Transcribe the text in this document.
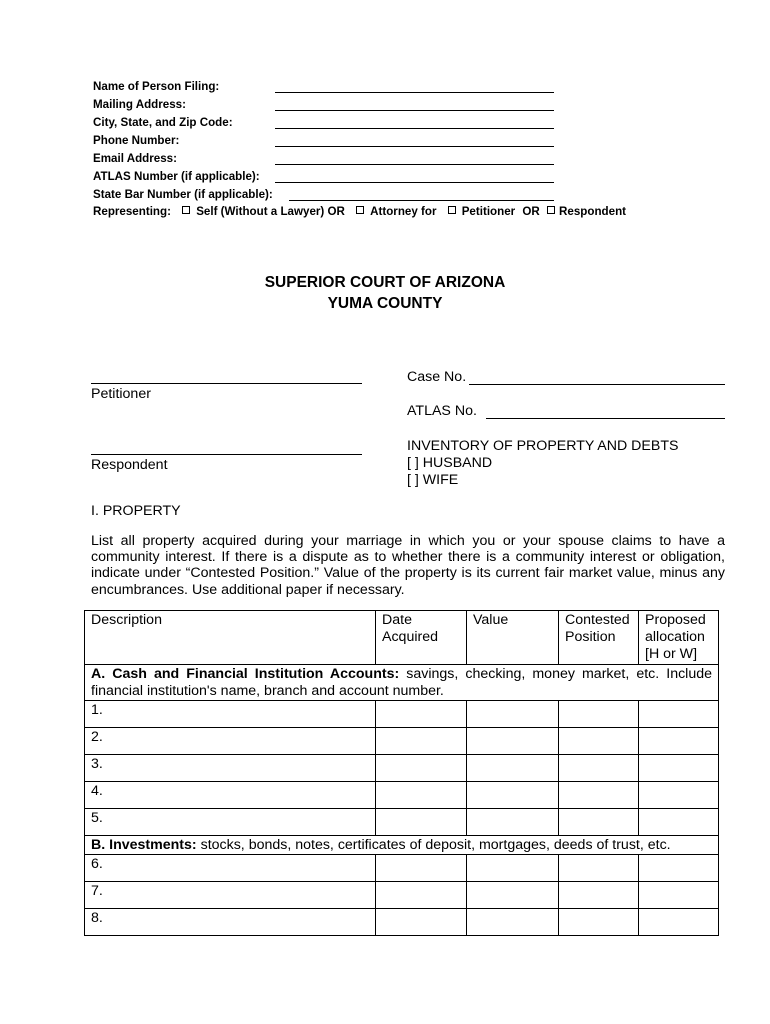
Name of Person Filing:
Mailing Address:
City, State, and Zip Code:
Phone Number:
Email Address:
ATLAS Number (if applicable):
State Bar Number (if applicable):
Representing: Self (Without a Lawyer) OR Attorney for Petitioner OR Respondent
SUPERIOR COURT OF ARIZONA
YUMA COUNTY
Petitioner
Respondent
Case No.
ATLAS No.
INVENTORY OF PROPERTY AND DEBTS
[ ] HUSBAND
[ ] WIFE
I. PROPERTY
List all property acquired during your marriage in which you or your spouse claims to have a community interest. If there is a dispute as to whether there is a community interest or obligation, indicate under “Contested Position.” Value of the property is its current fair market value, minus any encumbrances. Use additional paper if necessary.
Description	Date Acquired	Value	Contested Position	Proposed allocation [H or W]
A. Cash and Financial Institution Accounts: savings, checking, money market, etc. Include financial institution's name, branch and account number.				
1.				
2.				
3.				
4.				
5.				
B. Investments: stocks, bonds, notes, certificates of deposit, mortgages, deeds of trust, etc.				
6.				
7.				
8.				
